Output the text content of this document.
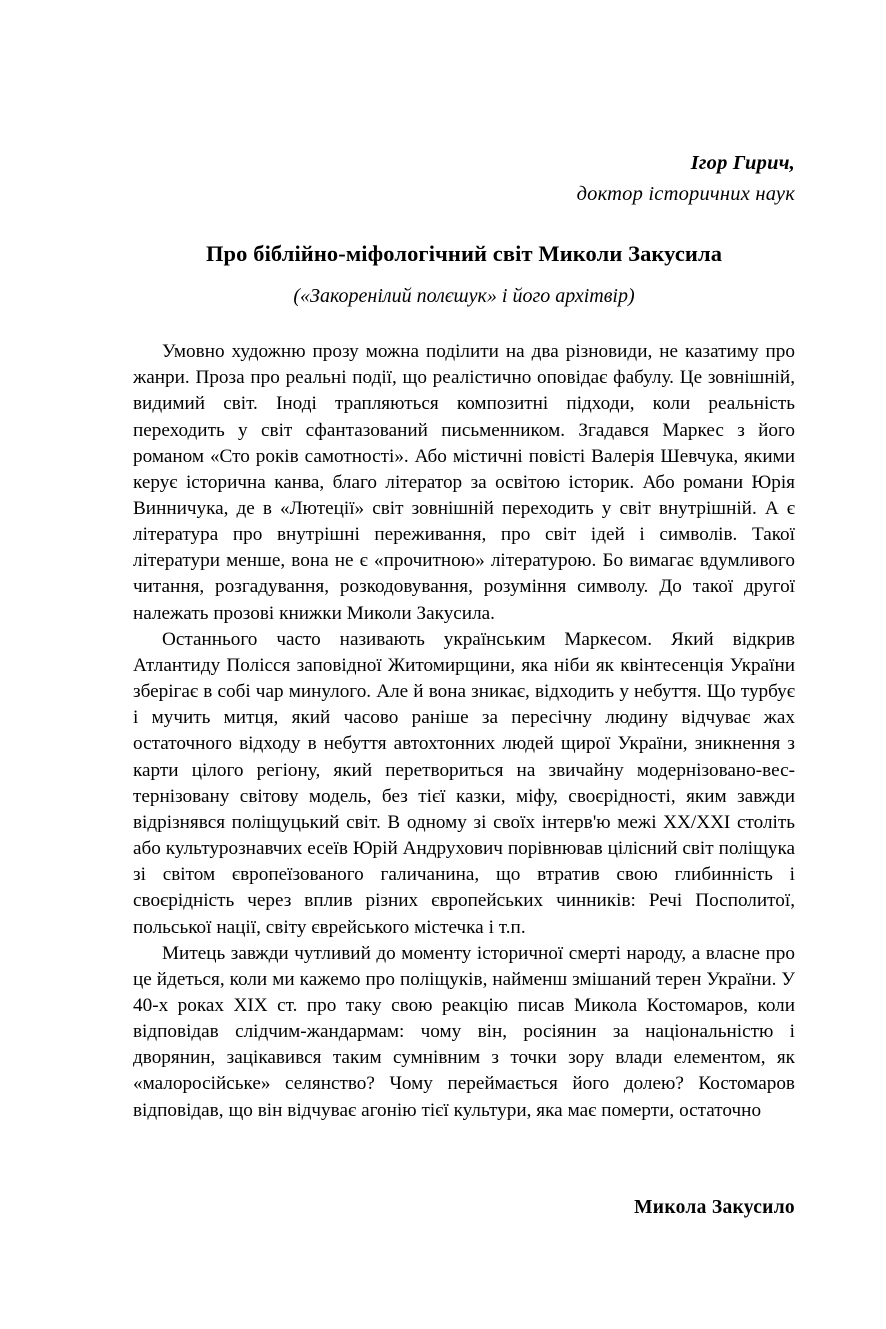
Ігор Гирич,
доктор історичних наук
Про біблійно-міфологічний світ Миколи Закусила
(«Закоренілий полєшук» і його архітвір)

Умовно художню прозу можна поділити на два різновиди, не казатиму про жанри. Проза про реальні події, що реалістично оповідає фабулу. Це зовнішній, видимий світ. Іноді трапляються композитні підходи, коли реальність переходить у світ сфантазований письменником. Згадався Маркес з його романом «Сто років самотності». Або містичні повісті Валерія Шевчука, якими керує історична канва, благо літератор за освітою історик. Або романи Юрія Винничука, де в «Лютеції» світ зовнішній переходить у світ внутрішній. А є література про внутрішні переживання, про світ ідей і символів. Такої літератури менше, вона не є «прочитною» літературою. Бо вимагає вдумливого читання, розгадування, розкодовування, розуміння символу. До такої другої належать прозові книжки Миколи Закусила.

Останнього часто називають українським Маркесом. Який відкрив Атлантиду Полісся заповідної Житомирщини, яка ніби як квінтесенція України зберігає в собі чар минулого. Але й вона зникає, відходить у небуття. Що турбує і мучить митця, який часово раніше за пересічну людину відчуває жах остаточного відходу в небуття автохтонних людей щирої України, зникнення з карти цілого регіону, який перетвориться на звичайну модернізовано-вестернізовану світову модель, без тієї казки, міфу, своєрідності, яким завжди відрізнявся поліщуцький світ. В одному зі своїх інтерв'ю межі XX/XXI століть або культурознавчих есеїв Юрій Андрухович порівнював цілісний світ поліщука зі світом європеїзованого галичанина, що втратив свою глибинність і своєрідність через вплив різних європейських чинників: Речі Посполитої, польської нації, світу єврейського містечка і т.п.

Митець завжди чутливий до моменту історичної смерті народу, а власне про це йдеться, коли ми кажемо про поліщуків, найменш змішаний терен України. У 40-х роках XIX ст. про таку свою реакцію писав Микола Костомаров, коли відповідав слідчим-жандармам: чому він, росіянин за національністю і дворянин, зацікавився таким сумнівним з точки зору влади елементом, як «малоросійське» селянство? Чому переймається його долею? Костомаров відповідав, що він відчуває агонію тієї культури, яка має померти, остаточно

Микола Закусило
